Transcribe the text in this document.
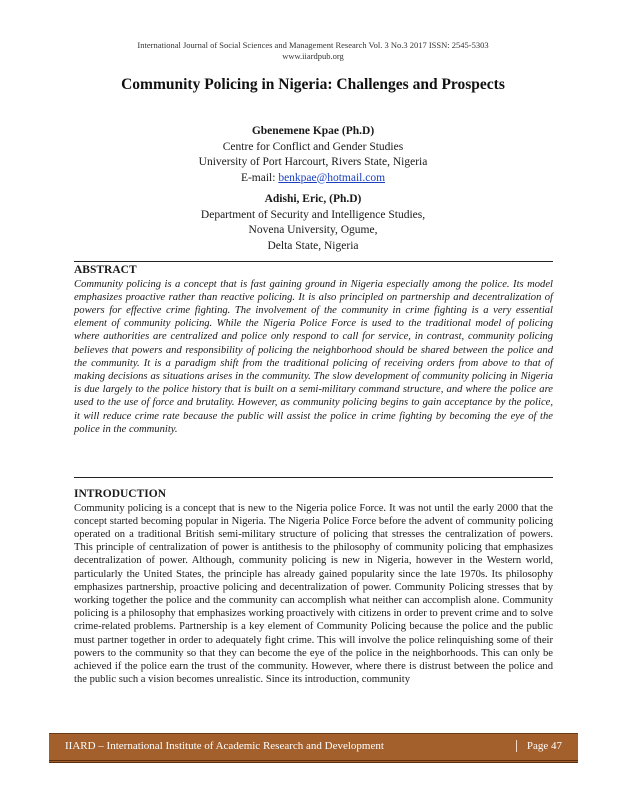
International Journal of Social Sciences and Management Research Vol. 3 No.3 2017 ISSN: 2545-5303
www.iiardpub.org
Community Policing in Nigeria: Challenges and Prospects
Gbenemene Kpae (Ph.D)
Centre for Conflict and Gender Studies
University of Port Harcourt, Rivers State, Nigeria
E-mail: benkpae@hotmail.com
Adishi, Eric, (Ph.D)
Department of Security and Intelligence Studies,
Novena University, Ogume,
Delta State, Nigeria
ABSTRACT
Community policing is a concept that is fast gaining ground in Nigeria especially among the police. Its model emphasizes proactive rather than reactive policing. It is also principled on partnership and decentralization of powers for effective crime fighting. The involvement of the community in crime fighting is a very essential element of community policing. While the Nigeria Police Force is used to the traditional model of policing where authorities are centralized and police only respond to call for service, in contrast, community policing believes that powers and responsibility of policing the neighborhood should be shared between the police and the community. It is a paradigm shift from the traditional policing of receiving orders from above to that of making decisions as situations arises in the community. The slow development of community policing in Nigeria is due largely to the police history that is built on a semi-military command structure, and where the police are used to the use of force and brutality. However, as community policing begins to gain acceptance by the police, it will reduce crime rate because the public will assist the police in crime fighting by becoming the eye of the police in the community.
INTRODUCTION
Community policing is a concept that is new to the Nigeria police Force. It was not until the early 2000 that the concept started becoming popular in Nigeria. The Nigeria Police Force before the advent of community policing operated on a traditional British semi-military structure of policing that stresses the centralization of powers. This principle of centralization of power is antithesis to the philosophy of community policing that emphasizes decentralization of power. Although, community policing is new in Nigeria, however in the Western world, particularly the United States, the principle has already gained popularity since the late 1970s. Its philosophy emphasizes partnership, proactive policing and decentralization of power. Community Policing stresses that by working together the police and the community can accomplish what neither can accomplish alone. Community policing is a philosophy that emphasizes working proactively with citizens in order to prevent crime and to solve crime-related problems. Partnership is a key element of Community Policing because the police and the public must partner together in order to adequately fight crime. This will involve the police relinquishing some of their powers to the community so that they can become the eye of the police in the neighborhoods. This can only be achieved if the police earn the trust of the community. However, where there is distrust between the police and the public such a vision becomes unrealistic. Since its introduction, community
IIARD – International Institute of Academic Research and Development	Page 47
